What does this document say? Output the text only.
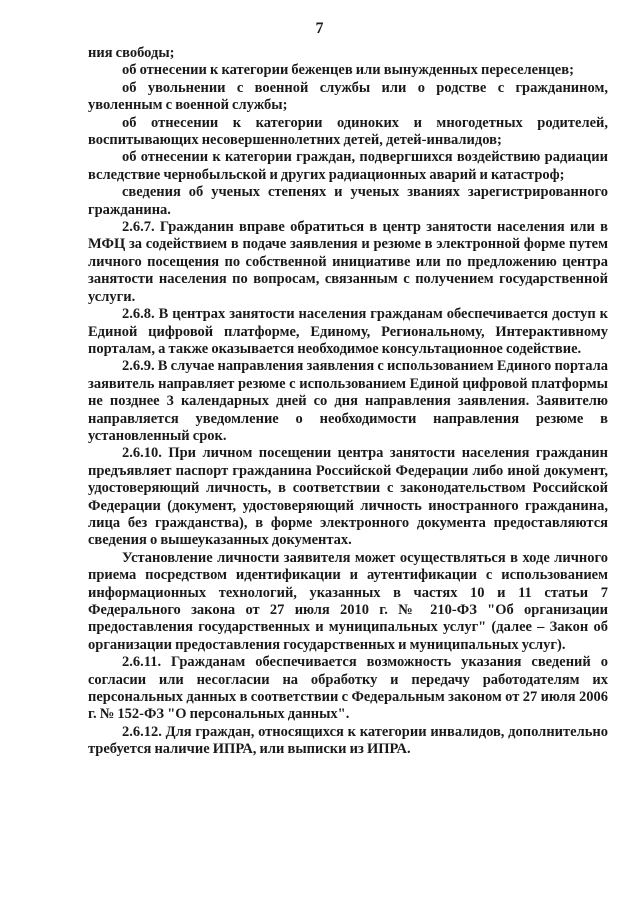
7

ния свободы;

об отнесении к категории беженцев или вынужденных переселенцев;

об увольнении с военной службы или о родстве с гражданином, уволенным с военной службы;

об отнесении к категории одиноких и многодетных родителей, воспитывающих несовершеннолетних детей, детей-инвалидов;

об отнесении к категории граждан, подвергшихся воздействию радиации вследствие чернобыльской и других радиационных аварий и катастроф;

сведения об ученых степенях и ученых званиях зарегистрированного гражданина.

2.6.7. Гражданин вправе обратиться в центр занятости населения или в МФЦ за содействием в подаче заявления и резюме в электронной форме путем личного посещения по собственной инициативе или по предложению центра занятости населения по вопросам, связанным с получением государственной услуги.

2.6.8. В центрах занятости населения гражданам обеспечивается доступ к Единой цифровой платформе, Единому, Региональному, Интерактивному порталам, а также оказывается необходимое консультационное содействие.

2.6.9. В случае направления заявления с использованием Единого портала заявитель направляет резюме с использованием Единой цифровой платформы не позднее 3 календарных дней со дня направления заявления. Заявителю направляется уведомление о необходимости направления резюме в установленный срок.

2.6.10. При личном посещении центра занятости населения гражданин предъявляет паспорт гражданина Российской Федерации либо иной документ, удостоверяющий личность, в соответствии с законодательством Российской Федерации (документ, удостоверяющий личность иностранного гражданина, лица без гражданства), в форме электронного документа предоставляются сведения о вышеуказанных документах.

Установление личности заявителя может осуществляться в ходе личного приема посредством идентификации и аутентификации с использованием информационных технологий, указанных в частях 10 и 11 статьи 7 Федерального закона от 27 июля 2010 г. № 210-ФЗ "Об организации предоставления государственных и муниципальных услуг" (далее – Закон об организации предоставления государственных и муниципальных услуг).

2.6.11. Гражданам обеспечивается возможность указания сведений о согласии или несогласии на обработку и передачу работодателям их персональных данных в соответствии с Федеральным законом от 27 июля 2006 г. № 152-ФЗ "О персональных данных".

2.6.12. Для граждан, относящихся к категории инвалидов, дополнительно требуется наличие ИПРА, или выписки из ИПРА.
